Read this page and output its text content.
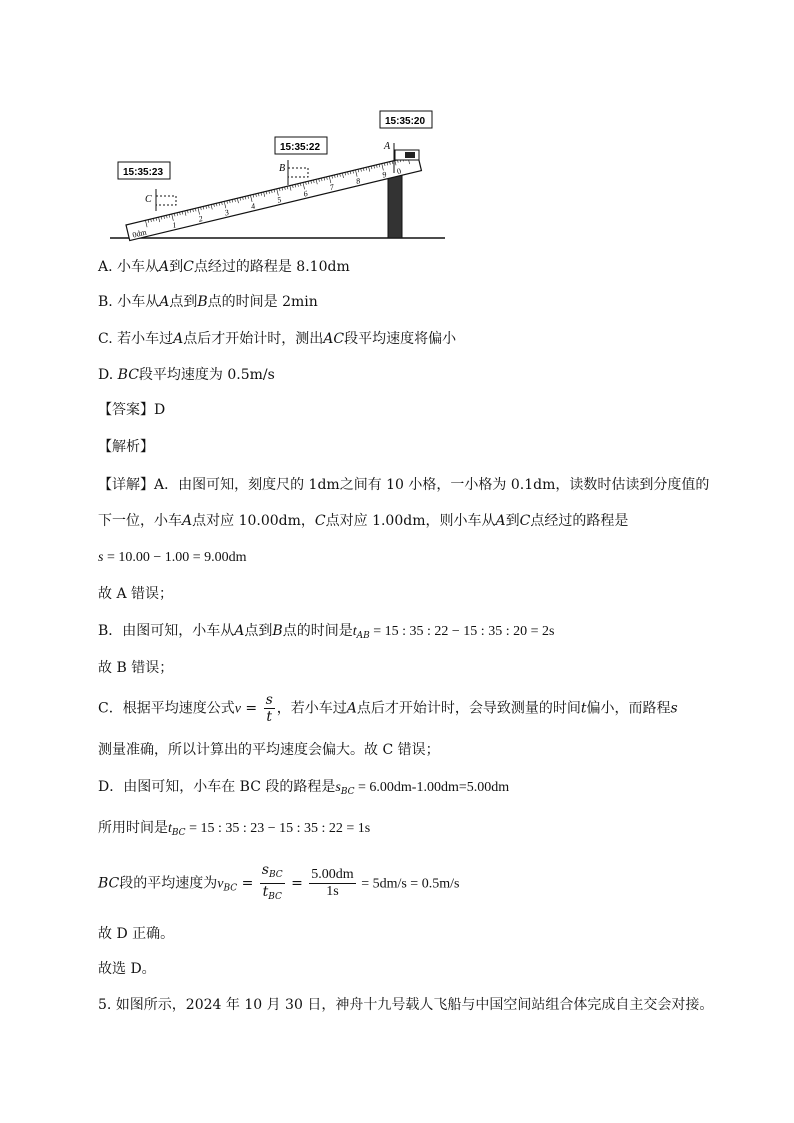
1
2
3
4
5
6
7
8
9
0dm
0
A
B
C
15:35:20
15:35:22
15:35:23
A. 小车从A到C点经过的路程是 8.10dm
B. 小车从A点到B点的时间是 2min
C. 若小车过A点后才开始计时，测出AC段平均速度将偏小
D. BC段平均速度为 0.5m/s
【答案】D
【解析】
【详解】A．由图可知，刻度尺的 1dm之间有 10 小格，一小格为 0.1dm，读数时估读到分度值的
下一位，小车A点对应 10.00dm，C点对应 1.00dm，则小车从A到C点经过的路程是
s = 10.00 − 1.00 = 9.00dm
故 A 错误；
B．由图可知，小车从A点到B点的时间是$t_{AB} = 15$ : 35 : 22 − 15 : 35 : 20 = 2s
故 B 错误；
C．根据平均速度公式$v = \frac{s}{t}$ ，若小车过A点后才开始计时，会导致测量的时间t偏小，而路程s
测量准确，所以计算出的平均速度会偏大。故 C 错误；
D．由图可知，小车在 BC 段的路程是$s_{BC} = 6.00dm-1.00dm=5.00dm$
所用时间是$t_{BC} = 15$ : 35 : 23 − 15 : 35 : 22 = 1s
BC段的平均速度为$v_{BC} = \frac{s_{BC}}{t_{BC}} = \frac{5.00dm}{1s} = 5dm/s = 0.5m/s$
故 D 正确。
故选 D。
5. 如图所示，2024 年 10 月 30 日，神舟十九号载人飞船与中国空间站组合体完成自主交会对接。
